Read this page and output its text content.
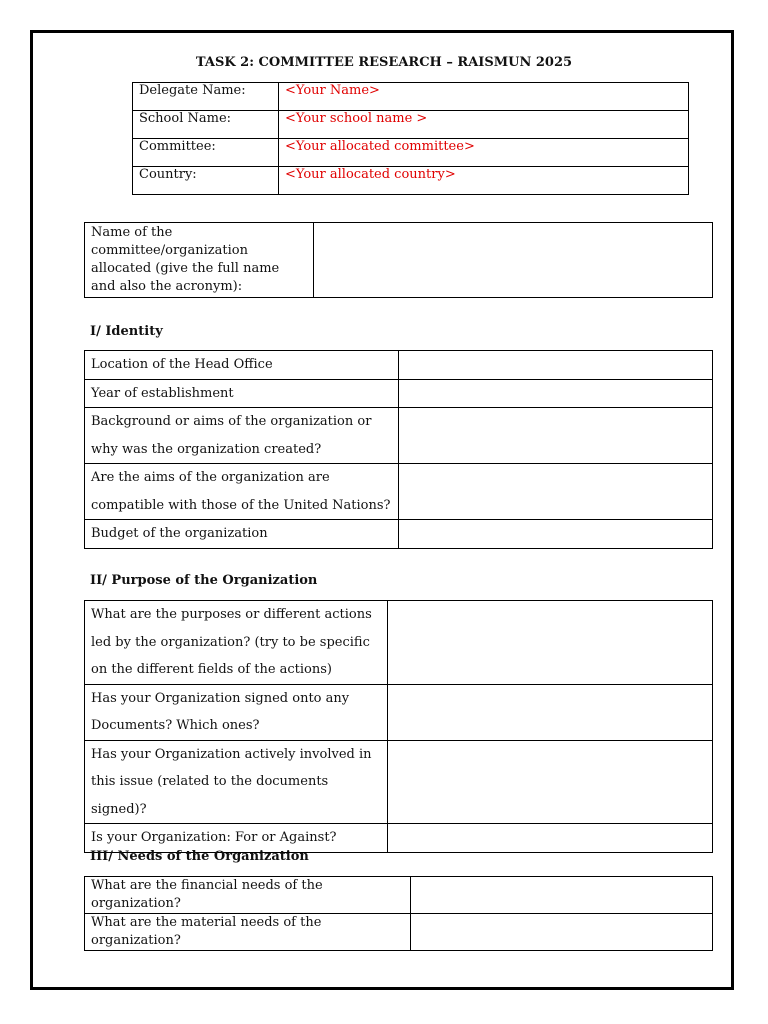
TASK 2: COMMITTEE RESEARCH – RAISMUN 2025
Delegate Name:	<Your Name>
School Name:	<Your school name >
Committee:	<Your allocated committee>
Country:	<Your allocated country>
Name of the committee/organization allocated (give the full name and also the acronym):	
I/ Identity
Location of the Head Office	
Year of establishment	
Background or aims of the organization or why was the organization created?	
Are the aims of the organization are compatible with those of the United Nations?	
Budget of the organization	
II/ Purpose of the Organization
What are the purposes or different actions led by the organization? (try to be specific on the different fields of the actions)	
Has your Organization signed onto any Documents? Which ones?	
Has your Organization actively involved in this issue (related to the documents signed)?	
Is your Organization: For or Against?	
III/ Needs of the Organization
What are the financial needs of the organization?	
What are the material needs of the organization?	
